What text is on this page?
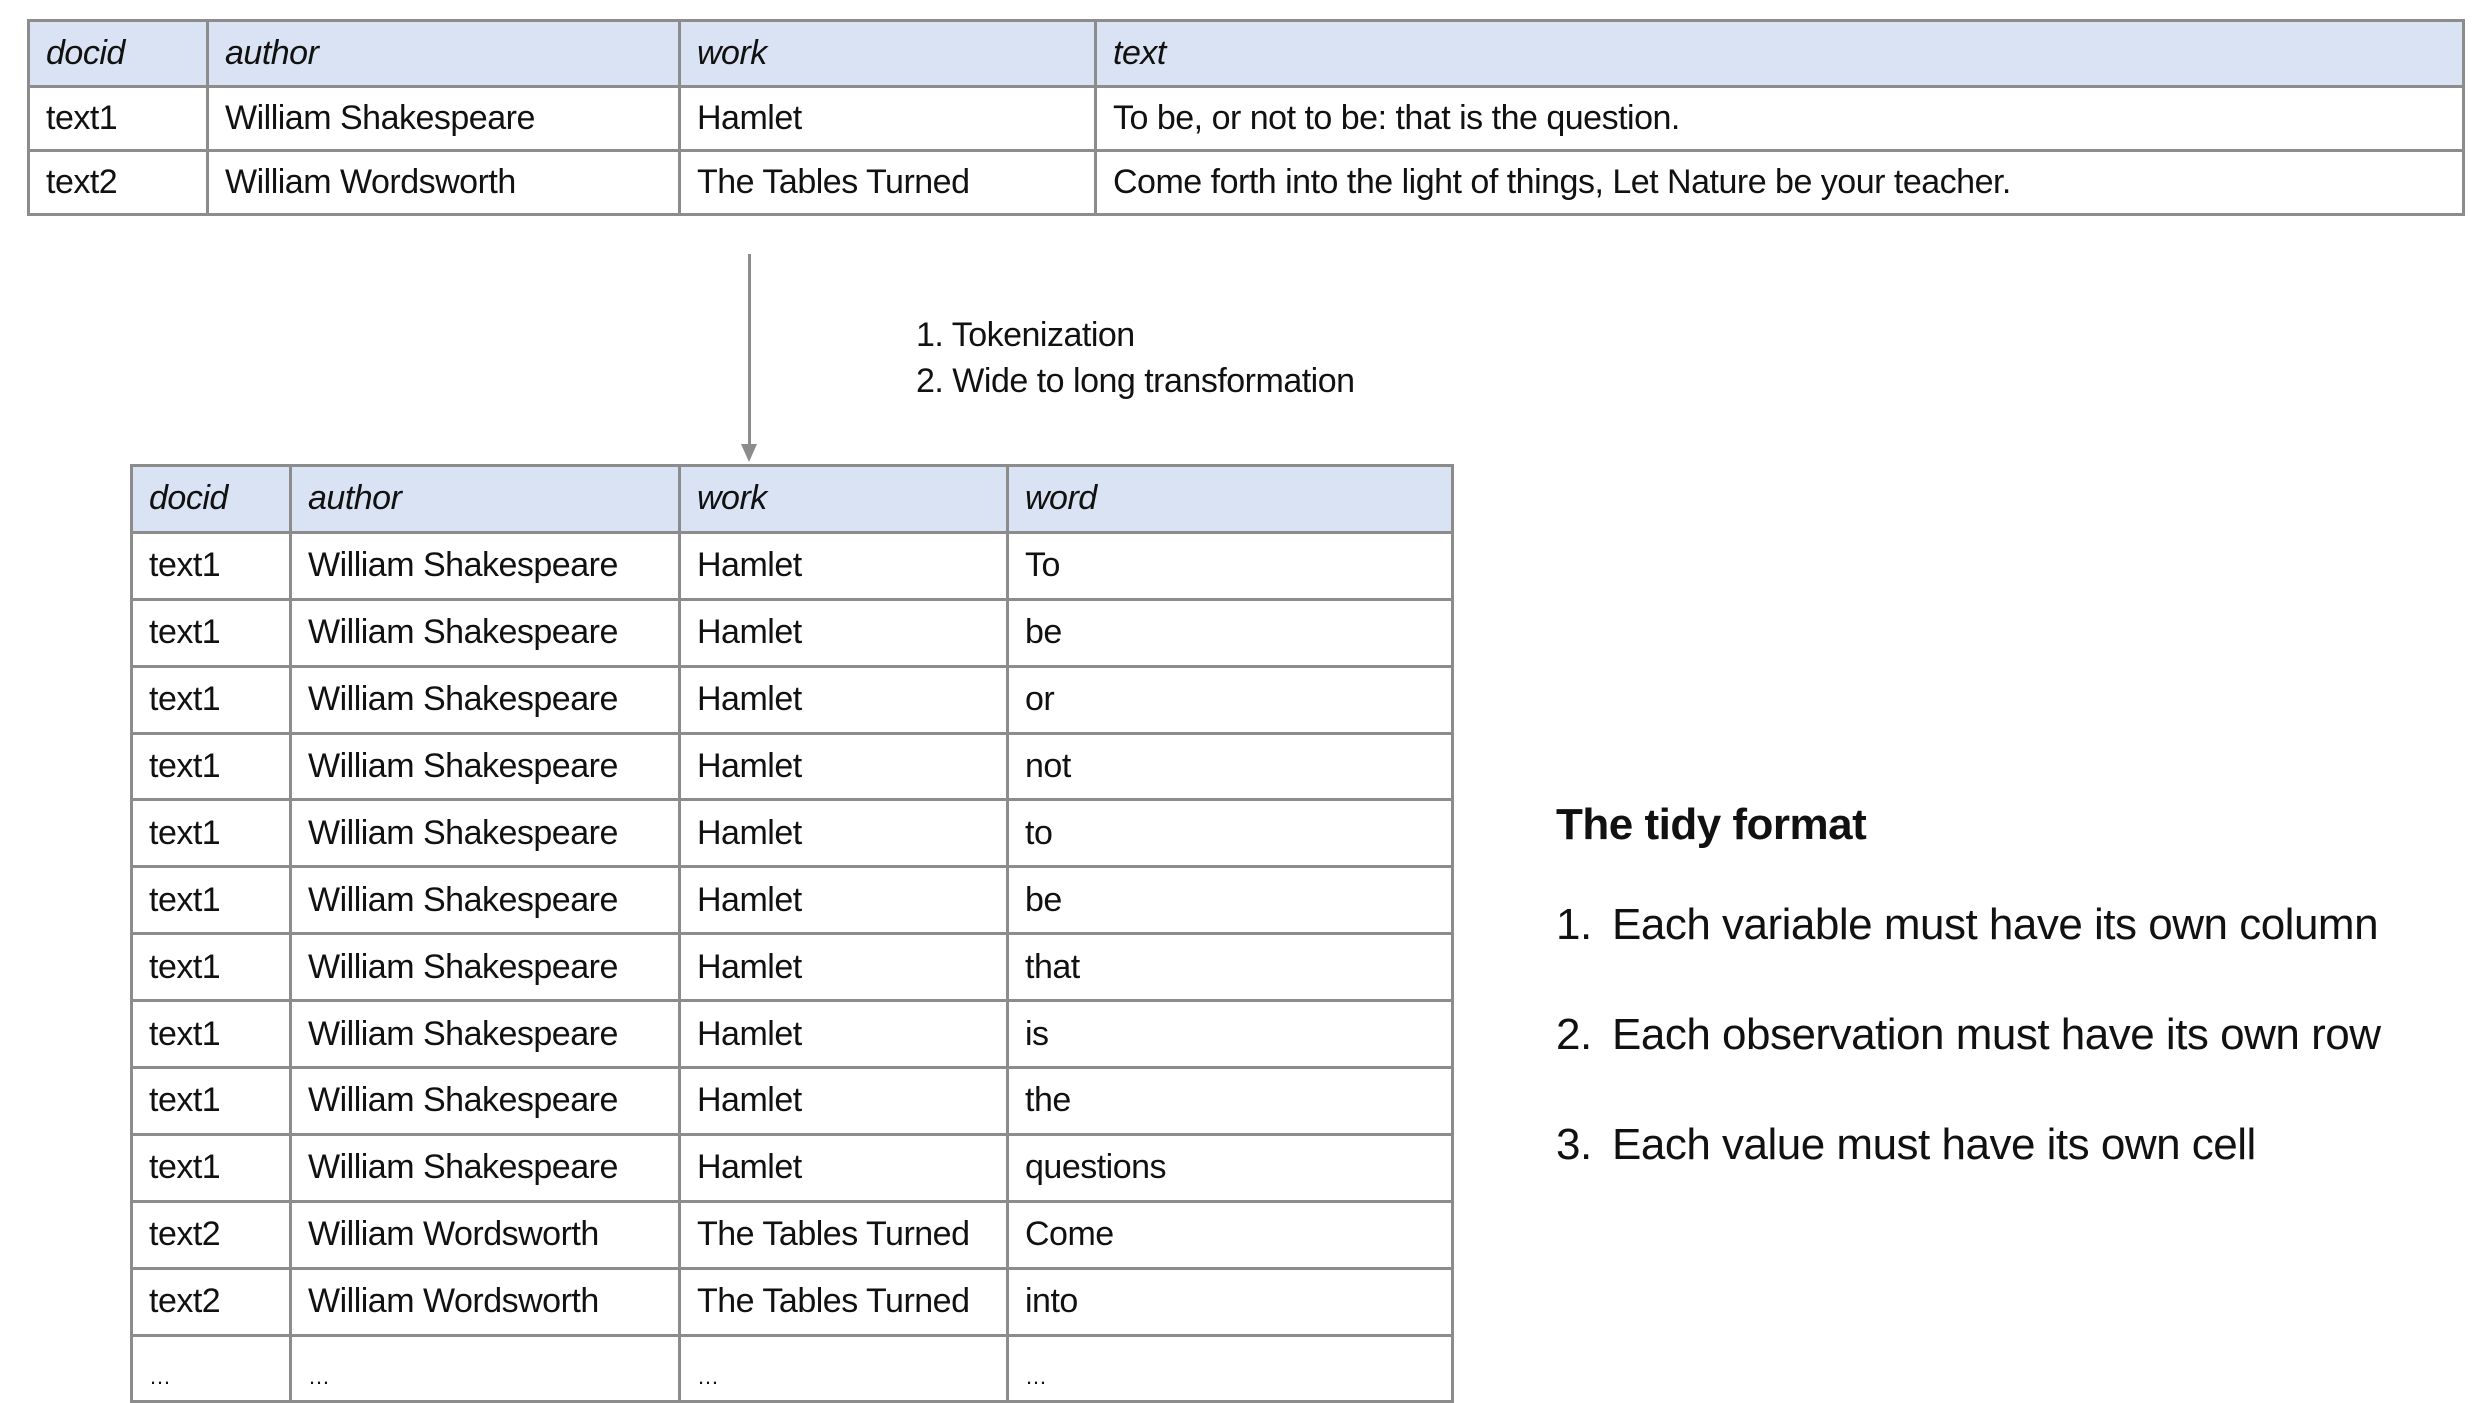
docid	author	work	text
text1	William Shakespeare	Hamlet	To be, or not to be: that is the question.
text2	William Wordsworth	The Tables Turned	Come forth into the light of things, Let Nature be your teacher.
1. Tokenization
2. Wide to long transformation
docid	author	work	word
text1	William Shakespeare	Hamlet	To
text1	William Shakespeare	Hamlet	be
text1	William Shakespeare	Hamlet	or
text1	William Shakespeare	Hamlet	not
text1	William Shakespeare	Hamlet	to
text1	William Shakespeare	Hamlet	be
text1	William Shakespeare	Hamlet	that
text1	William Shakespeare	Hamlet	is
text1	William Shakespeare	Hamlet	the
text1	William Shakespeare	Hamlet	questions
text2	William Wordsworth	The Tables Turned	Come
text2	William Wordsworth	The Tables Turned	into
…	…	…	…
The tidy format
1. Each variable must have its own column
2. Each observation must have its own row
3. Each value must have its own cell
